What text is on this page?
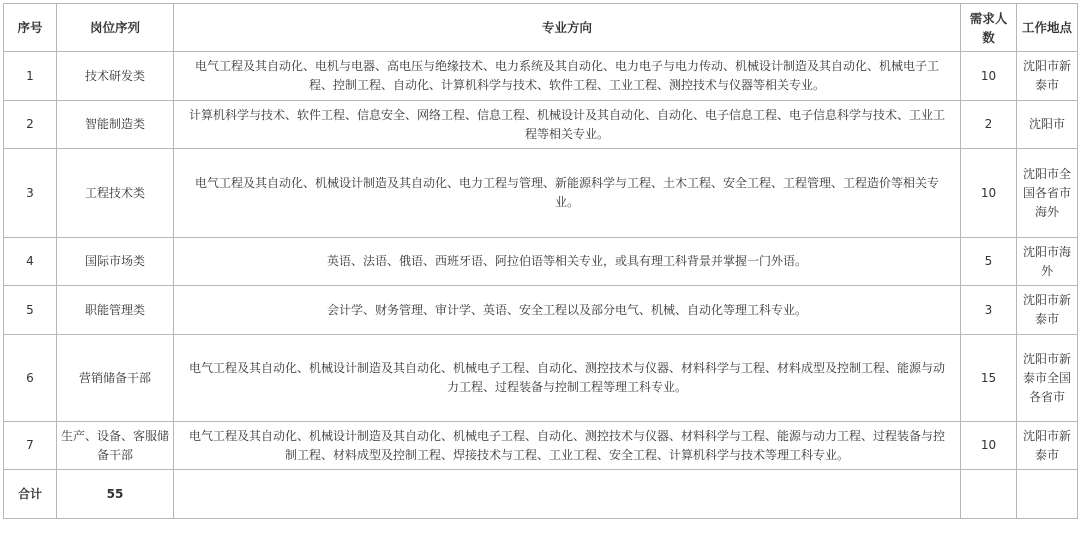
序号	岗位序列	专业方向	需求人数	工作地点
1	技术研发类	电气工程及其自动化、电机与电器、高电压与绝缘技术、电力系统及其自动化、电力电子与电力传动、机械设计制造及其自动化、机械电子工程、控制工程、自动化、计算机科学与技术、软件工程、工业工程、测控技术与仪器等相关专业。	10	沈阳市新泰市
2	智能制造类	计算机科学与技术、软件工程、信息安全、网络工程、信息工程、机械设计及其自动化、自动化、电子信息工程、电子信息科学与技术、工业工程等相关专业。	2	沈阳市
3	工程技术类	电气工程及其自动化、机械设计制造及其自动化、电力工程与管理、新能源科学与工程、土木工程、安全工程、工程管理、工程造价等相关专业。	10	沈阳市全国各省市海外
4	国际市场类	英语、法语、俄语、西班牙语、阿拉伯语等相关专业，或具有理工科背景并掌握一门外语。	5	沈阳市海外
5	职能管理类	会计学、财务管理、审计学、英语、安全工程以及部分电气、机械、自动化等理工科专业。	3	沈阳市新泰市
6	营销储备干部	电气工程及其自动化、机械设计制造及其自动化、机械电子工程、自动化、测控技术与仪器、材料科学与工程、材料成型及控制工程、能源与动力工程、过程装备与控制工程等理工科专业。	15	沈阳市新泰市全国各省市
7	生产、设备、客服储备干部	电气工程及其自动化、机械设计制造及其自动化、机械电子工程、自动化、测控技术与仪器、材料科学与工程、能源与动力工程、过程装备与控制工程、材料成型及控制工程、焊接技术与工程、工业工程、安全工程、计算机科学与技术等理工科专业。	10	沈阳市新泰市
合计	55			
